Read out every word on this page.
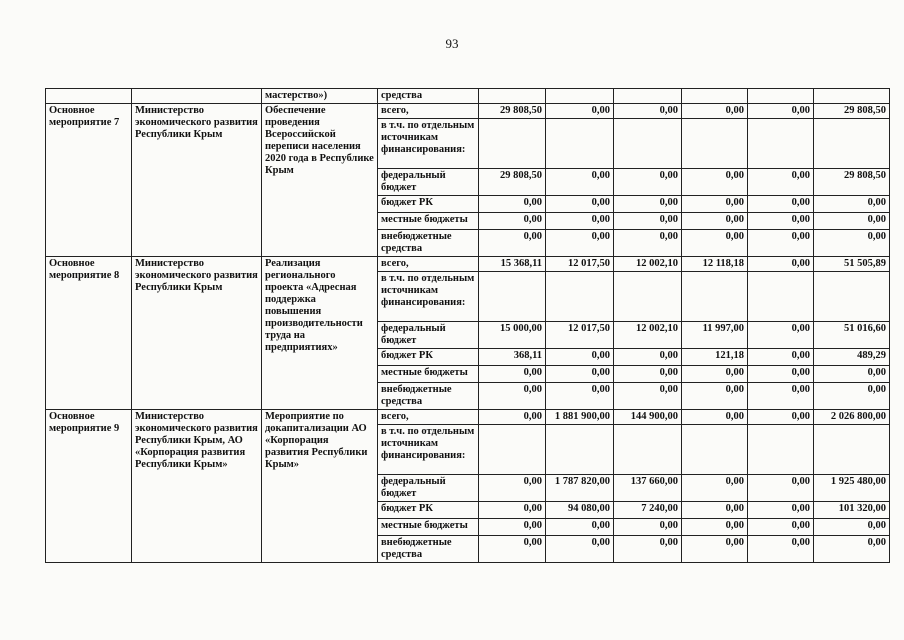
93
		мастерство»)	средства						
Основное мероприятие 7	Министерство экономического развития Республики Крым	Обеспечение проведения Всероссийской переписи населения 2020 года в Республике Крым	всего,	29 808,50	0,00	0,00	0,00	0,00	29 808,50
			в т.ч. по отдельным источникам финансирования:						
			федеральный бюджет	29 808,50	0,00	0,00	0,00	0,00	29 808,50
			бюджет РК	0,00	0,00	0,00	0,00	0,00	0,00
			местные бюджеты	0,00	0,00	0,00	0,00	0,00	0,00
			внебюджетные средства	0,00	0,00	0,00	0,00	0,00	0,00
Основное мероприятие 8	Министерство экономического развития Республики Крым	Реализация регионального проекта «Адресная поддержка повышения производительности труда на предприятиях»	всего,	15 368,11	12 017,50	12 002,10	12 118,18	0,00	51 505,89
			в т.ч. по отдельным источникам финансирования:						
			федеральный бюджет	15 000,00	12 017,50	12 002,10	11 997,00	0,00	51 016,60
			бюджет РК	368,11	0,00	0,00	121,18	0,00	489,29
			местные бюджеты	0,00	0,00	0,00	0,00	0,00	0,00
			внебюджетные средства	0,00	0,00	0,00	0,00	0,00	0,00
Основное мероприятие 9	Министерство экономического развития Республики Крым, АО «Корпорация развития Республики Крым»	Мероприятие по докапитализации АО «Корпорация развития Республики Крым»	всего,	0,00	1 881 900,00	144 900,00	0,00	0,00	2 026 800,00
			в т.ч. по отдельным источникам финансирования:						
			федеральный бюджет	0,00	1 787 820,00	137 660,00	0,00	0,00	1 925 480,00
			бюджет РК	0,00	94 080,00	7 240,00	0,00	0,00	101 320,00
			местные бюджеты	0,00	0,00	0,00	0,00	0,00	0,00
			внебюджетные средства	0,00	0,00	0,00	0,00	0,00	0,00
